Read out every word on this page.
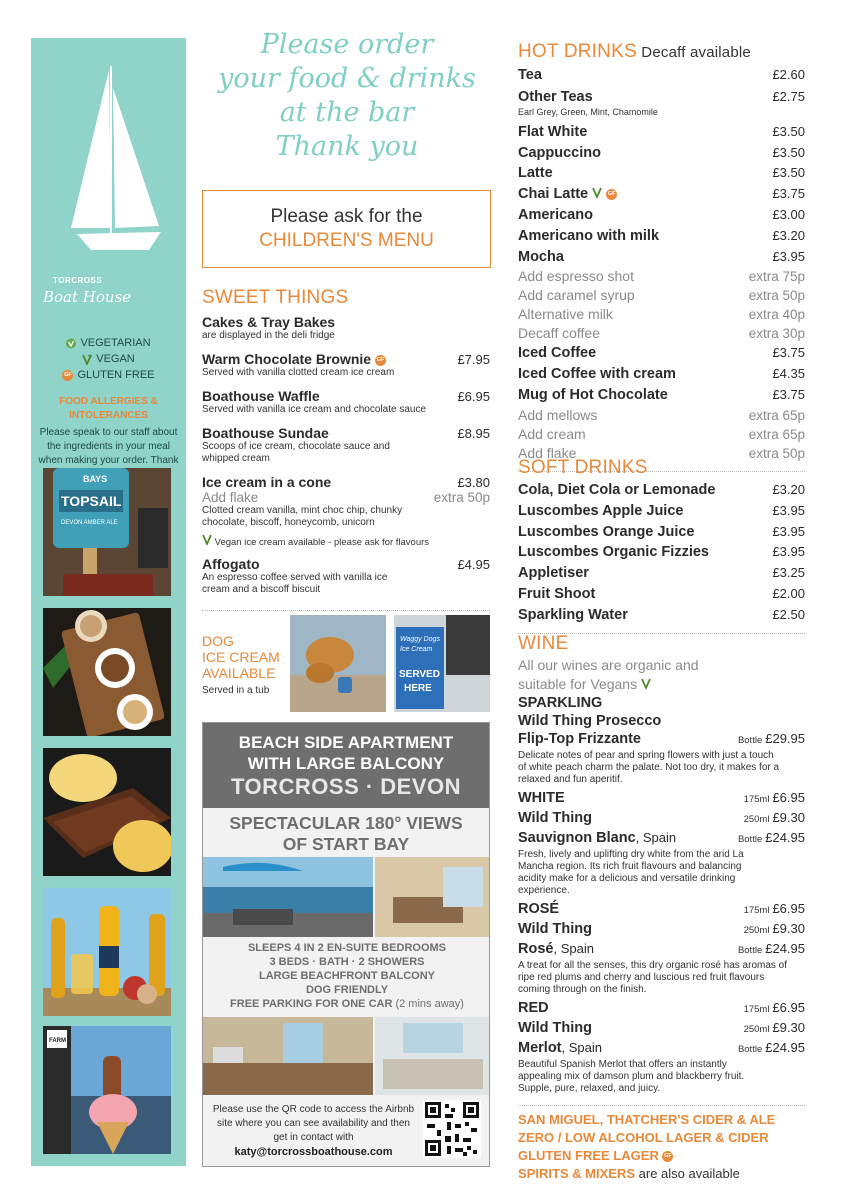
TORCROSS
Boat House
VEGETARIAN
VEGAN
GF GLUTEN FREE
FOOD ALLERGIES & INTOLERANCES
Please speak to our staff about the ingredients in your meal when making your order. Thank
BAYS
TOPSAIL
DEVON AMBER ALE
FARM
Please order
your food & drinks
at the bar
Thank you
Please ask for the
CHILDREN'S MENU
SWEET THINGS
Cakes & Tray Bakes
are displayed in the deli fridge
Warm Chocolate Brownie GF	£7.95
Served with vanilla clotted cream ice cream
Boathouse Waffle	£6.95
Served with vanilla ice cream and chocolate sauce
Boathouse Sundae	£8.95
Scoops of ice cream, chocolate sauce and whipped cream
Ice cream in a cone	£3.80
Add flake	extra 50p
Clotted cream vanilla, mint choc chip, chunky chocolate, biscoff, honeycomb, unicorn
Vegan ice cream available - please ask for flavours
Affogato	£4.95
An espresso coffee served with vanilla ice cream and a biscoff biscuit
DOG
ICE CREAM
AVAILABLE
Served in a tub
Waggy Dogs
Ice Cream
SERVED
HERE
BEACH SIDE APARTMENT
WITH LARGE BALCONY
TORCROSS · DEVON
SPECTACULAR 180° VIEWS
OF START BAY
SLEEPS 4 IN 2 EN-SUITE BEDROOMS
3 BEDS · BATH · 2 SHOWERS
LARGE BEACHFRONT BALCONY
DOG FRIENDLY
FREE PARKING FOR ONE CAR (2 mins away)
Please use the QR code to access the Airbnb site where you can see availability and then get in contact with
katy@torcrossboathouse.com
HOT DRINKS Decaff available
Tea	£2.60
Other Teas	£2.75
Earl Grey, Green, Mint, Chamomile
Flat White	£3.50
Cappuccino	£3.50
Latte	£3.50
Chai Latte	GF	£3.75
Americano	£3.00
Americano with milk	£3.20
Mocha	£3.95
Add espresso shot	extra 75p
Add caramel syrup	extra 50p
Alternative milk	extra 40p
Decaff coffee	extra 30p
Iced Coffee	£3.75
Iced Coffee with cream	£4.35
Mug of Hot Chocolate	£3.75
Add mellows	extra 65p
Add cream	extra 65p
Add flake	extra 50p
SOFT DRINKS
Cola, Diet Cola or Lemonade	£3.20
Luscombes Apple Juice	£3.95
Luscombes Orange Juice	£3.95
Luscombes Organic Fizzies	£3.95
Appletiser	£3.25
Fruit Shoot	£2.00
Sparkling Water	£2.50
WINE
All our wines are organic and
suitable for Vegans
SPARKLING
Wild Thing Prosecco
Flip-Top Frizzante	Bottle £29.95
Delicate notes of pear and spring flowers with just a touch of white peach charm the palate. Not too dry, it makes for a relaxed and fun aperitif.
WHITE	175ml £6.95
Wild Thing	250ml £9.30
Sauvignon Blanc, Spain	Bottle £24.95
Fresh, lively and uplifting dry white from the arid La Mancha region. Its rich fruit flavours and balancing acidity make for a delicious and versatile drinking experience.
ROSÉ	175ml £6.95
Wild Thing	250ml £9.30
Rosé, Spain	Bottle £24.95
A treat for all the senses, this dry organic rosé has aromas of ripe red plums and cherry and luscious red fruit flavours coming through on the finish.
RED	175ml £6.95
Wild Thing	250ml £9.30
Merlot, Spain	Bottle £24.95
Beautiful Spanish Merlot that offers an instantly appealing mix of damson plum and blackberry fruit. Supple, pure, relaxed, and juicy.
SAN MIGUEL, THATCHER'S CIDER & ALE
ZERO / LOW ALCOHOL LAGER & CIDER
GLUTEN FREE LAGER GF
SPIRITS & MIXERS are also available
